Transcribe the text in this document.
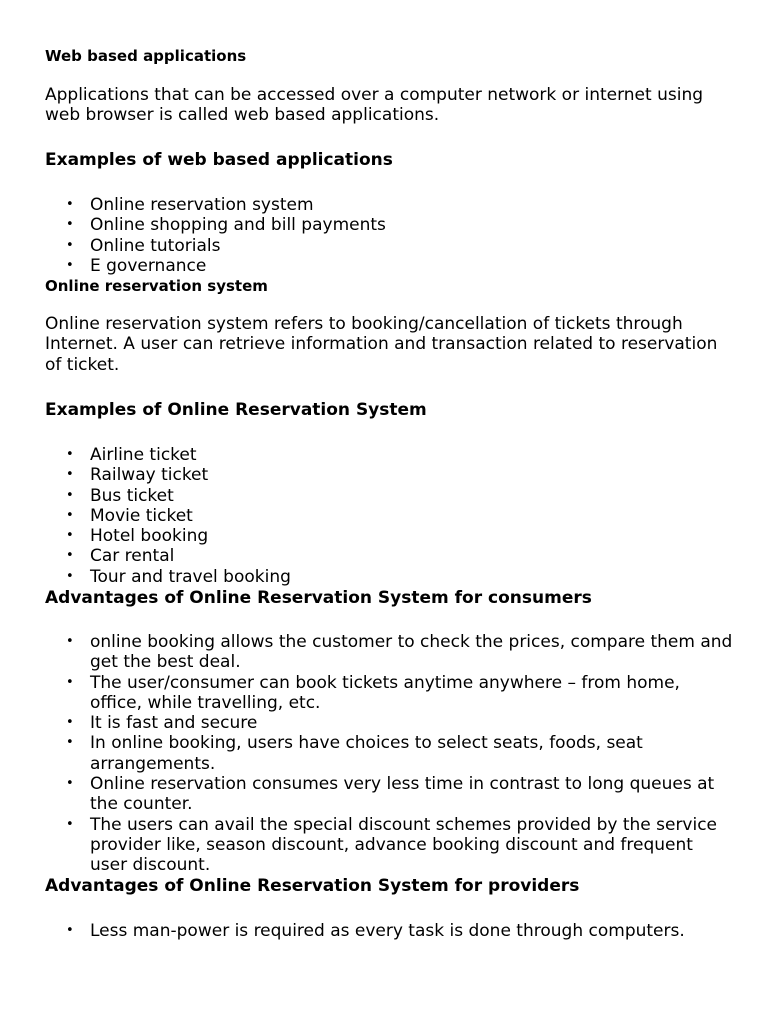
Web based applications

Applications that can be accessed over a computer network or internet using web browser is called web based applications.

Examples of web based applications
• Online reservation system
• Online shopping and bill payments
• Online tutorials
• E governance
Online reservation system

Online reservation system refers to booking/cancellation of tickets through Internet. A user can retrieve information and transaction related to reservation of ticket.

Examples of Online Reservation System
• Airline ticket
• Railway ticket
• Bus ticket
• Movie ticket
• Hotel booking
• Car rental
• Tour and travel booking
Advantages of Online Reservation System for consumers
• online booking allows the customer to check the prices, compare them and get the best deal.
• The user/consumer can book tickets anytime anywhere – from home, office, while travelling, etc.
• It is fast and secure
• In online booking, users have choices to select seats, foods, seat arrangements.
• Online reservation consumes very less time in contrast to long queues at the counter.
• The users can avail the special discount schemes provided by the service provider like, season discount, advance booking discount and frequent user discount.
Advantages of Online Reservation System for providers
• Less man-power is required as every task is done through computers.
